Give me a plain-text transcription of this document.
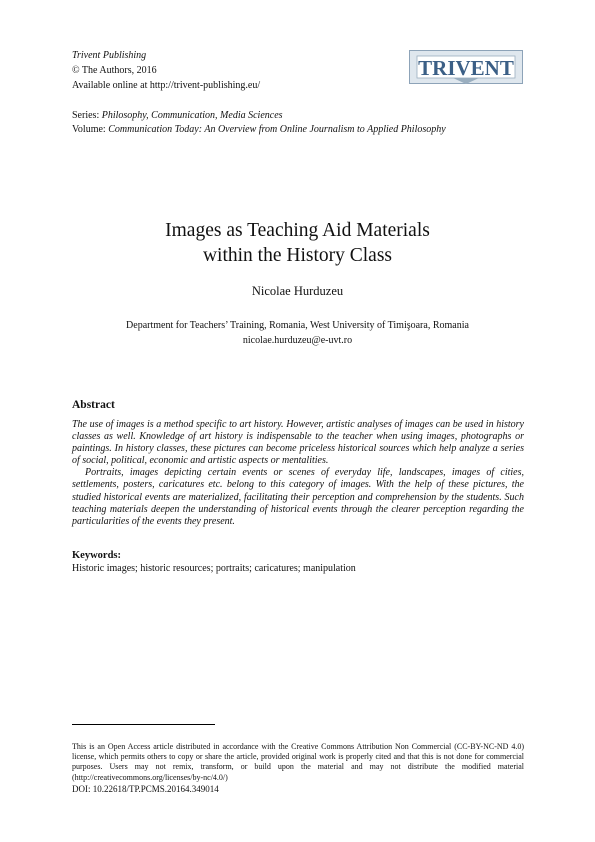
Trivent Publishing
© The Authors, 2016
Available online at http://trivent-publishing.eu/
Series: Philosophy, Communication, Media Sciences
Volume: Communication Today: An Overview from Online Journalism to Applied Philosophy
TRIVENT
Images as Teaching Aid Materials
within the History Class
Nicolae Hurduzeu
Department for Teachers’ Training, Romania, West University of Timişoara, Romania
nicolae.hurduzeu@e-uvt.ro
Abstract

The use of images is a method specific to art history. However, artistic analyses of images can be used in history classes as well. Knowledge of art history is indispensable to the teacher when using images, photographs or paintings. In history classes, these pictures can become priceless historical sources which help analyze a series of social, political, economic and artistic aspects or mentalities.

Portraits, images depicting certain events or scenes of everyday life, landscapes, images of cities, settlements, posters, caricatures etc. belong to this category of images. With the help of these pictures, the studied historical events are materialized, facilitating their perception and comprehension by the students. Such teaching materials deepen the understanding of historical events through the clearer perception regarding the particularities of the events they present.

Keywords:
Historic images; historic resources; portraits; caricatures; manipulation
This is an Open Access article distributed in accordance with the Creative Commons Attribution Non Commercial (CC-BY-NC-ND 4.0) license, which permits others to copy or share the article, provided original work is properly cited and that this is not done for commercial purposes. Users may not remix, transform, or build upon the material and may not distribute the modified material (http://creativecommons.org/licenses/by-nc/4.0/)
DOI: 10.22618/TP.PCMS.20164.349014
